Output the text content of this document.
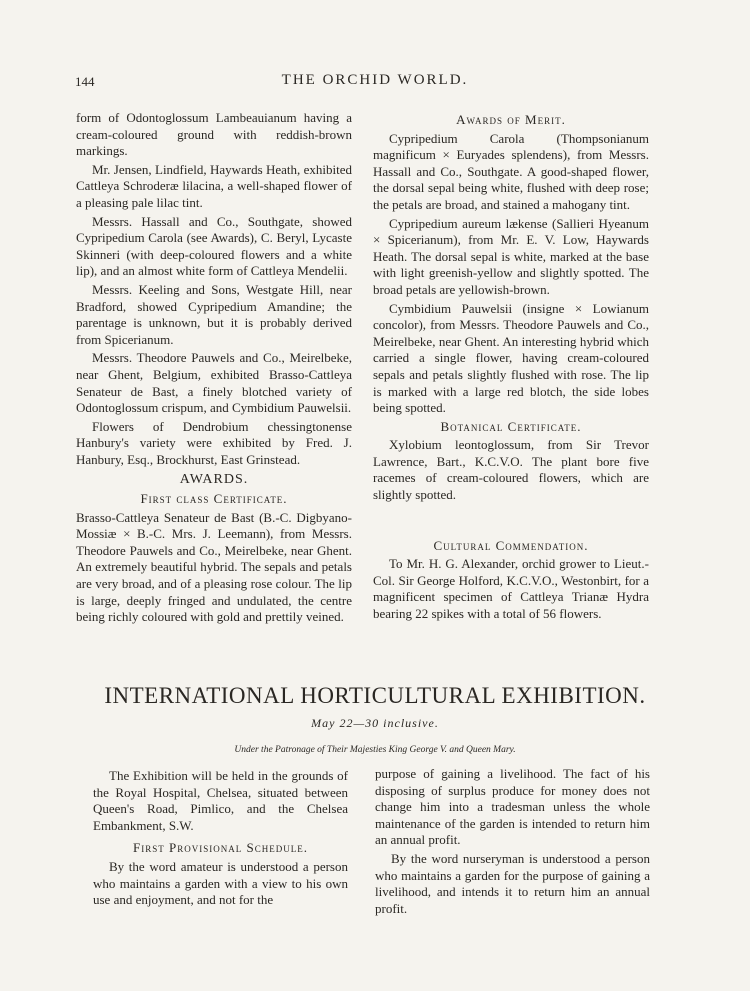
144	THE ORCHID WORLD.

form of Odontoglossum Lambeauianum having a cream-coloured ground with reddish-brown markings.

Mr. Jensen, Lindfield, Haywards Heath, exhibited Cattleya Schroderæ lilacina, a well-shaped flower of a pleasing pale lilac tint.

Messrs. Hassall and Co., Southgate, showed Cypripedium Carola (see Awards), C. Beryl, Lycaste Skinneri (with deep-coloured flowers and a white lip), and an almost white form of Cattleya Mendelii.

Messrs. Keeling and Sons, Westgate Hill, near Bradford, showed Cypripedium Amandine; the parentage is unknown, but it is probably derived from Spicerianum.

Messrs. Theodore Pauwels and Co., Meirelbeke, near Ghent, Belgium, exhibited Brasso-Cattleya Senateur de Bast, a finely blotched variety of Odontoglossum crispum, and Cymbidium Pauwelsii.

Flowers of Dendrobium chessingtonense Hanbury's variety were exhibited by Fred. J. Hanbury, Esq., Brockhurst, East Grinstead.

AWARDS.
First class Certificate.

Brasso-Cattleya Senateur de Bast (B.-C. Digbyano-Mossiæ × B.-C. Mrs. J. Leemann), from Messrs. Theodore Pauwels and Co., Meirelbeke, near Ghent. An extremely beautiful hybrid. The sepals and petals are very broad, and of a pleasing rose colour. The lip is large, deeply fringed and undulated, the centre being richly coloured with gold and prettily veined.

Awards of Merit.

Cypripedium Carola (Thompsonianum magnificum × Euryades splendens), from Messrs. Hassall and Co., Southgate. A good-shaped flower, the dorsal sepal being white, flushed with deep rose; the petals are broad, and stained a mahogany tint.

Cypripedium aureum lækense (Sallieri Hyeanum × Spicerianum), from Mr. E. V. Low, Haywards Heath. The dorsal sepal is white, marked at the base with light greenish-yellow and slightly spotted. The broad petals are yellowish-brown.

Cymbidium Pauwelsii (insigne × Lowianum concolor), from Messrs. Theodore Pauwels and Co., Meirelbeke, near Ghent. An interesting hybrid which carried a single flower, having cream-coloured sepals and petals slightly flushed with rose. The lip is marked with a large red blotch, the side lobes being spotted.

Botanical Certificate.

Xylobium leontoglossum, from Sir Trevor Lawrence, Bart., K.C.V.O. The plant bore five racemes of cream-coloured flowers, which are slightly spotted.

Cultural Commendation.

To Mr. H. G. Alexander, orchid grower to Lieut.-Col. Sir George Holford, K.C.V.O., Westonbirt, for a magnificent specimen of Cattleya Trianæ Hydra bearing 22 spikes with a total of 56 flowers.

INTERNATIONAL HORTICULTURAL EXHIBITION.
May 22—30 inclusive.
Under the Patronage of Their Majesties King George V. and Queen Mary.

The Exhibition will be held in the grounds of the Royal Hospital, Chelsea, situated between Queen's Road, Pimlico, and the Chelsea Embankment, S.W.

First Provisional Schedule.

By the word amateur is understood a person who maintains a garden with a view to his own use and enjoyment, and not for the

purpose of gaining a livelihood. The fact of his disposing of surplus produce for money does not change him into a tradesman unless the whole maintenance of the garden is intended to return him an annual profit.

By the word nurseryman is understood a person who maintains a garden for the purpose of gaining a livelihood, and intends it to return him an annual profit.
